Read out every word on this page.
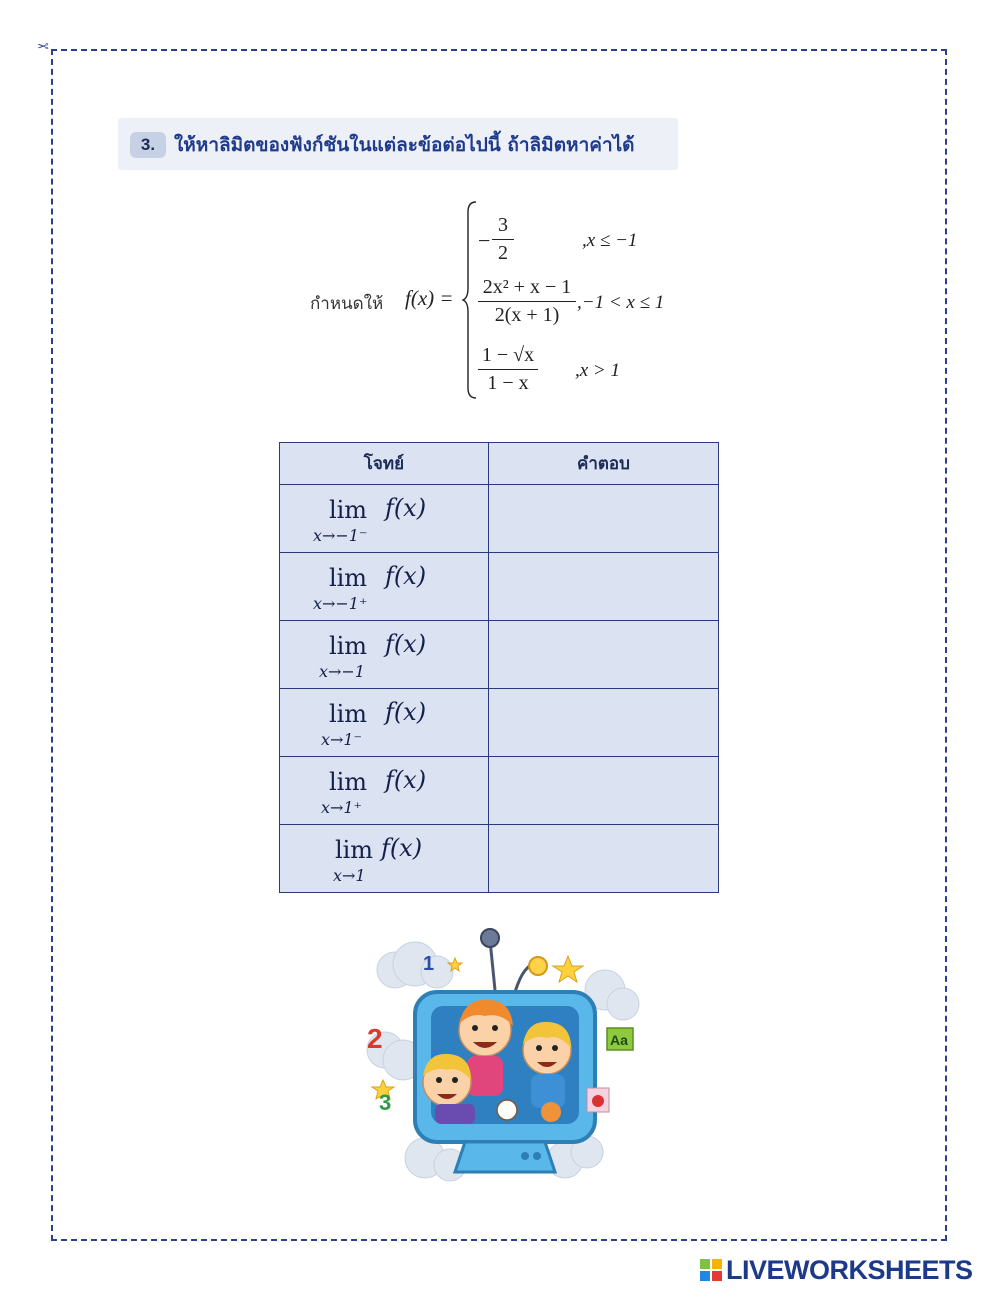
✂
3. ให้หาลิมิตของฟังก์ชันในแต่ละข้อต่อไปนี้ ถ้าลิมิตหาค่าได้
กำหนดให้ f(x) =
−
3
2
,x ≤ −1
2x² + x − 1
2(x + 1)
,−1 < x ≤ 1
1 − √x
1 − x
,x > 1
โจทย์	คำตอบ

lim
x→−1⁻
f(x)	

lim
x→−1⁺
f(x)	

lim
x→−1
f(x)	

lim
x→1⁻
f(x)	

lim
x→1⁺
f(x)	

lim
x→1
f(x)	

1
2
3
Aa
LIVEWORKSHEETS
